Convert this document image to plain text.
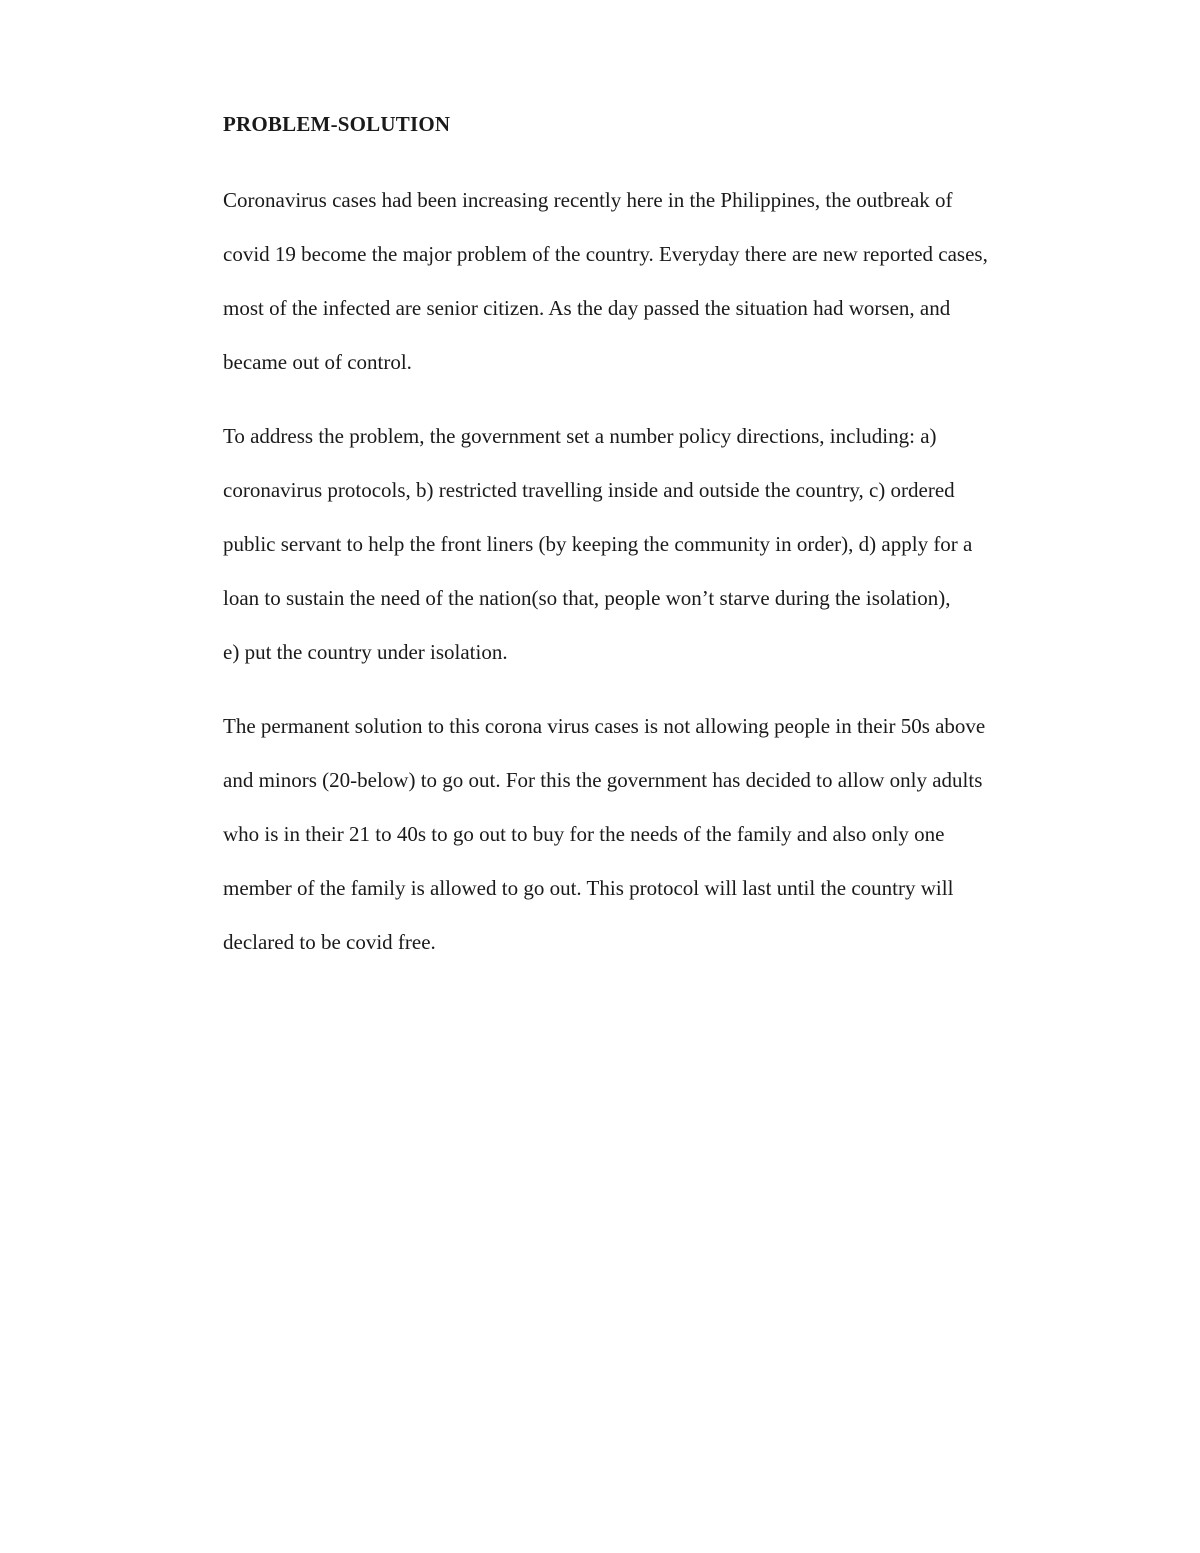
PROBLEM-SOLUTION
Coronavirus cases had been increasing recently here in the Philippines, the outbreak of
covid 19 become the major problem of the country. Everyday there are new reported cases,
most of the infected are senior citizen. As the day passed the situation had worsen, and
became out of control.
To address the problem, the government set a number policy directions, including: a)
coronavirus protocols, b) restricted travelling inside and outside the country, c) ordered
public servant to help the front liners (by keeping the community in order), d) apply for a
loan to sustain the need of the nation(so that, people won’t starve during the isolation),
e) put the country under isolation.
The permanent solution to this corona virus cases is not allowing people in their 50s above
and minors (20-below) to go out. For this the government has decided to allow only adults
who is in their 21 to 40s to go out to buy for the needs of the family and also only one
member of the family is allowed to go out. This protocol will last until the country will
declared to be covid free.
